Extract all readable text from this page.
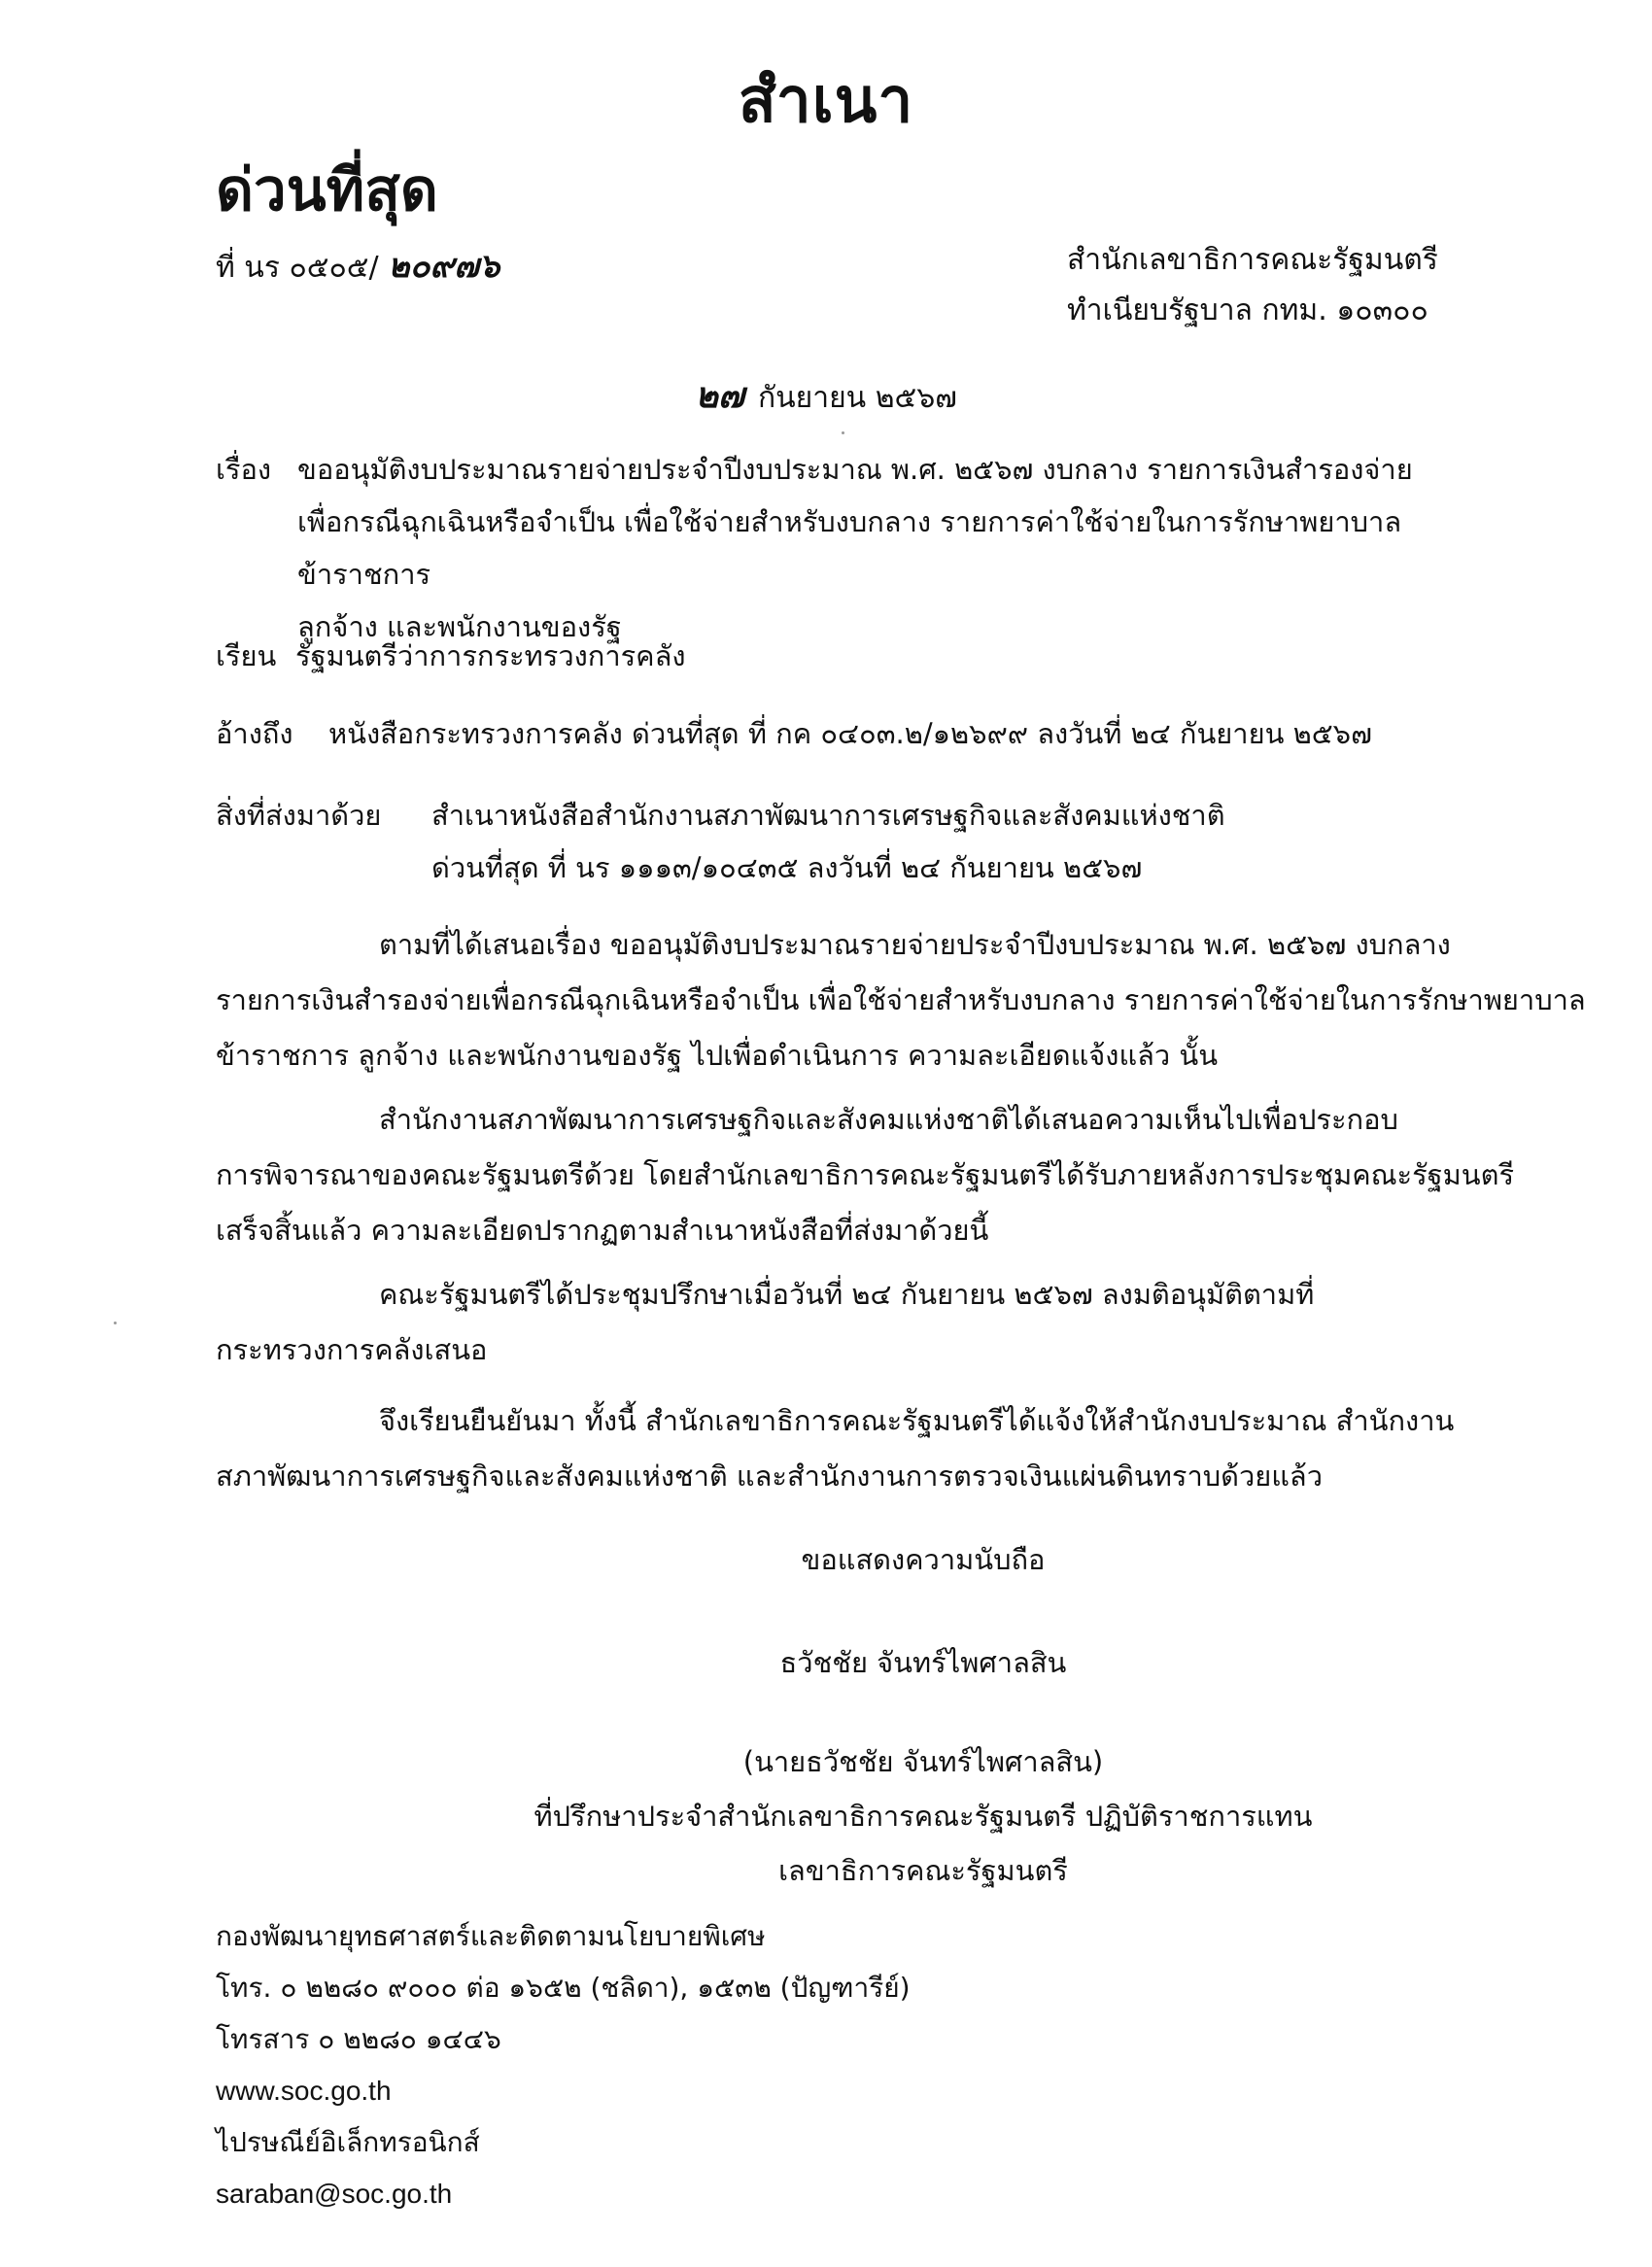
สำเนา
ด่วนที่สุด
ที่ นร ๐๕๐๕/ ๒๐๙๗๖	สำนักเลขาธิการคณะรัฐมนตรี
ทำเนียบรัฐบาล กทม. ๑๐๓๐๐
๒๗ กันยายน ๒๕๖๗
เรื่อง ขออนุมัติงบประมาณรายจ่ายประจำปีงบประมาณ พ.ศ. ๒๕๖๗ งบกลาง รายการเงินสำรองจ่าย
เพื่อกรณีฉุกเฉินหรือจำเป็น เพื่อใช้จ่ายสำหรับงบกลาง รายการค่าใช้จ่ายในการรักษาพยาบาลข้าราชการ
ลูกจ้าง และพนักงานของรัฐ
เรียน รัฐมนตรีว่าการกระทรวงการคลัง
อ้างถึง หนังสือกระทรวงการคลัง ด่วนที่สุด ที่ กค ๐๔๐๓.๒/๑๒๖๙๙ ลงวันที่ ๒๔ กันยายน ๒๕๖๗
สิ่งที่ส่งมาด้วย สำเนาหนังสือสำนักงานสภาพัฒนาการเศรษฐกิจและสังคมแห่งชาติ
ด่วนที่สุด ที่ นร ๑๑๑๓/๑๐๔๓๕ ลงวันที่ ๒๔ กันยายน ๒๕๖๗
ตามที่ได้เสนอเรื่อง ขออนุมัติงบประมาณรายจ่ายประจำปีงบประมาณ พ.ศ. ๒๕๖๗ งบกลาง
รายการเงินสำรองจ่ายเพื่อกรณีฉุกเฉินหรือจำเป็น เพื่อใช้จ่ายสำหรับงบกลาง รายการค่าใช้จ่ายในการรักษาพยาบาล
ข้าราชการ ลูกจ้าง และพนักงานของรัฐ ไปเพื่อดำเนินการ ความละเอียดแจ้งแล้ว นั้น
สำนักงานสภาพัฒนาการเศรษฐกิจและสังคมแห่งชาติได้เสนอความเห็นไปเพื่อประกอบ
การพิจารณาของคณะรัฐมนตรีด้วย โดยสำนักเลขาธิการคณะรัฐมนตรีได้รับภายหลังการประชุมคณะรัฐมนตรี
เสร็จสิ้นแล้ว ความละเอียดปรากฏตามสำเนาหนังสือที่ส่งมาด้วยนี้
คณะรัฐมนตรีได้ประชุมปรึกษาเมื่อวันที่ ๒๔ กันยายน ๒๕๖๗ ลงมติอนุมัติตามที่
กระทรวงการคลังเสนอ
จึงเรียนยืนยันมา ทั้งนี้ สำนักเลขาธิการคณะรัฐมนตรีได้แจ้งให้สำนักงบประมาณ สำนักงาน
สภาพัฒนาการเศรษฐกิจและสังคมแห่งชาติ และสำนักงานการตรวจเงินแผ่นดินทราบด้วยแล้ว
ขอแสดงความนับถือ
ธวัชชัย จันทร์ไพศาลสิน
(นายธวัชชัย จันทร์ไพศาลสิน)
ที่ปรึกษาประจำสำนักเลขาธิการคณะรัฐมนตรี ปฏิบัติราชการแทน
เลขาธิการคณะรัฐมนตรี
กองพัฒนายุทธศาสตร์และติดตามนโยบายพิเศษ
โทร. ๐ ๒๒๘๐ ๙๐๐๐ ต่อ ๑๖๕๒ (ชลิดา), ๑๕๓๒ (ปัญฑารีย์)
โทรสาร ๐ ๒๒๘๐ ๑๔๔๖
www.soc.go.th
ไปรษณีย์อิเล็กทรอนิกส์
saraban@soc.go.th
